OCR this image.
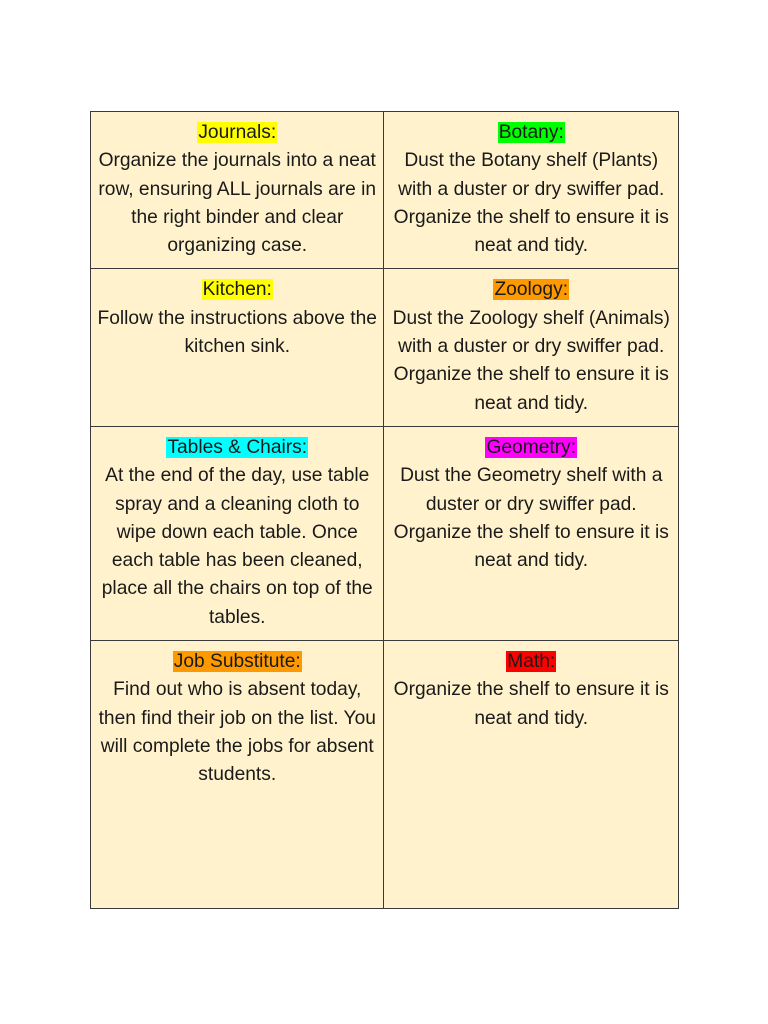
Journals:
Organize the journals into a neat row, ensuring ALL journals are in the right binder and clear organizing case.	Botany:
Dust the Botany shelf (Plants) with a duster or dry swiffer pad. Organize the shelf to ensure it is neat and tidy.

Kitchen:
Follow the instructions above the kitchen sink.	Zoology:
Dust the Zoology shelf (Animals) with a duster or dry swiffer pad. Organize the shelf to ensure it is neat and tidy.

Tables & Chairs:
At the end of the day, use table spray and a cleaning cloth to wipe down each table. Once each table has been cleaned, place all the chairs on top of the tables.	Geometry:
Dust the Geometry shelf with a duster or dry swiffer pad. Organize the shelf to ensure it is neat and tidy.

Job Substitute:
Find out who is absent today, then find their job on the list. You will complete the jobs for absent students.	Math:
Organize the shelf to ensure it is neat and tidy.
